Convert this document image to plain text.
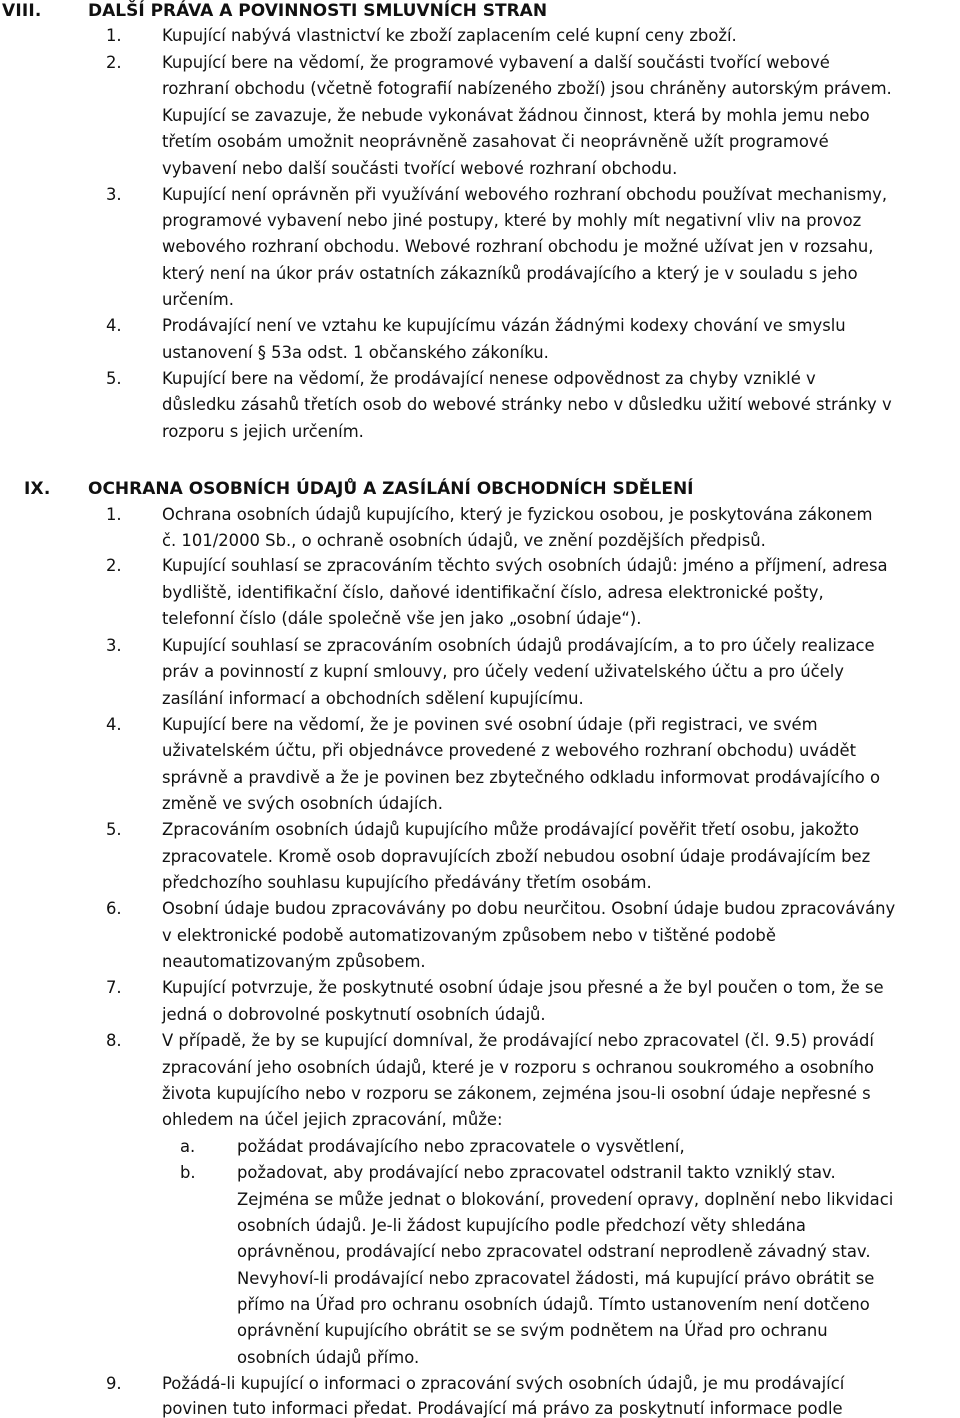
VIII.	DALŠÍ PRÁVA A POVINNOSTI SMLUVNÍCH STRAN
1. Kupující nabývá vlastnictví ke zboží zaplacením celé kupní ceny zboží.
2. Kupující bere na vědomí, že programové vybavení a další součásti tvořící webové
rozhraní obchodu (včetně fotografií nabízeného zboží) jsou chráněny autorským právem.
Kupující se zavazuje, že nebude vykonávat žádnou činnost, která by mohla jemu nebo
třetím osobám umožnit neoprávněně zasahovat či neoprávněně užít programové
vybavení nebo další součásti tvořící webové rozhraní obchodu.
3. Kupující není oprávněn při využívání webového rozhraní obchodu používat mechanismy,
programové vybavení nebo jiné postupy, které by mohly mít negativní vliv na provoz
webového rozhraní obchodu. Webové rozhraní obchodu je možné užívat jen v rozsahu,
který není na úkor práv ostatních zákazníků prodávajícího a který je v souladu s jeho
určením.
4. Prodávající není ve vztahu ke kupujícímu vázán žádnými kodexy chování ve smyslu
ustanovení § 53a odst. 1 občanského zákoníku.
5. Kupující bere na vědomí, že prodávající nenese odpovědnost za chyby vzniklé v
důsledku zásahů třetích osob do webové stránky nebo v důsledku užití webové stránky v
rozporu s jejich určením.
IX. OCHRANA OSOBNÍCH ÚDAJŮ A ZASÍLÁNÍ OBCHODNÍCH SDĚLENÍ
1. Ochrana osobních údajů kupujícího, který je fyzickou osobou, je poskytována zákonem
č. 101/2000 Sb., o ochraně osobních údajů, ve znění pozdějších předpisů.
2. Kupující souhlasí se zpracováním těchto svých osobních údajů: jméno a příjmení, adresa
bydliště, identifikační číslo, daňové identifikační číslo, adresa elektronické pošty,
telefonní číslo (dále společně vše jen jako „osobní údaje“).
3. Kupující souhlasí se zpracováním osobních údajů prodávajícím, a to pro účely realizace
práv a povinností z kupní smlouvy, pro účely vedení uživatelského účtu a pro účely
zasílání informací a obchodních sdělení kupujícímu.
4. Kupující bere na vědomí, že je povinen své osobní údaje (při registraci, ve svém
uživatelském účtu, při objednávce provedené z webového rozhraní obchodu) uvádět
správně a pravdivě a že je povinen bez zbytečného odkladu informovat prodávajícího o
změně ve svých osobních údajích.
5. Zpracováním osobních údajů kupujícího může prodávající pověřit třetí osobu, jakožto
zpracovatele. Kromě osob dopravujících zboží nebudou osobní údaje prodávajícím bez
předchozího souhlasu kupujícího předávány třetím osobám.
6. Osobní údaje budou zpracovávány po dobu neurčitou. Osobní údaje budou zpracovávány
v elektronické podobě automatizovaným způsobem nebo v tištěné podobě
neautomatizovaným způsobem.
7. Kupující potvrzuje, že poskytnuté osobní údaje jsou přesné a že byl poučen o tom, že se
jedná o dobrovolné poskytnutí osobních údajů.
8. V případě, že by se kupující domníval, že prodávající nebo zpracovatel (čl. 9.5) provádí
zpracování jeho osobních údajů, které je v rozporu s ochranou soukromého a osobního
života kupujícího nebo v rozporu se zákonem, zejména jsou-li osobní údaje nepřesné s
ohledem na účel jejich zpracování, může:
a.	požádat prodávajícího nebo zpracovatele o vysvětlení,
b.	požadovat, aby prodávající nebo zpracovatel odstranil takto vzniklý stav.
Zejména se může jednat o blokování, provedení opravy, doplnění nebo likvidaci
osobních údajů. Je-li žádost kupujícího podle předchozí věty shledána
oprávněnou, prodávající nebo zpracovatel odstraní neprodleně závadný stav.
Nevyhoví-li prodávající nebo zpracovatel žádosti, má kupující právo obrátit se
přímo na Úřad pro ochranu osobních údajů. Tímto ustanovením není dotčeno
oprávnění kupujícího obrátit se se svým podnětem na Úřad pro ochranu
osobních údajů přímo.
9. Požádá-li kupující o informaci o zpracování svých osobních údajů, je mu prodávající
povinen tuto informaci předat. Prodávající má právo za poskytnutí informace podle
